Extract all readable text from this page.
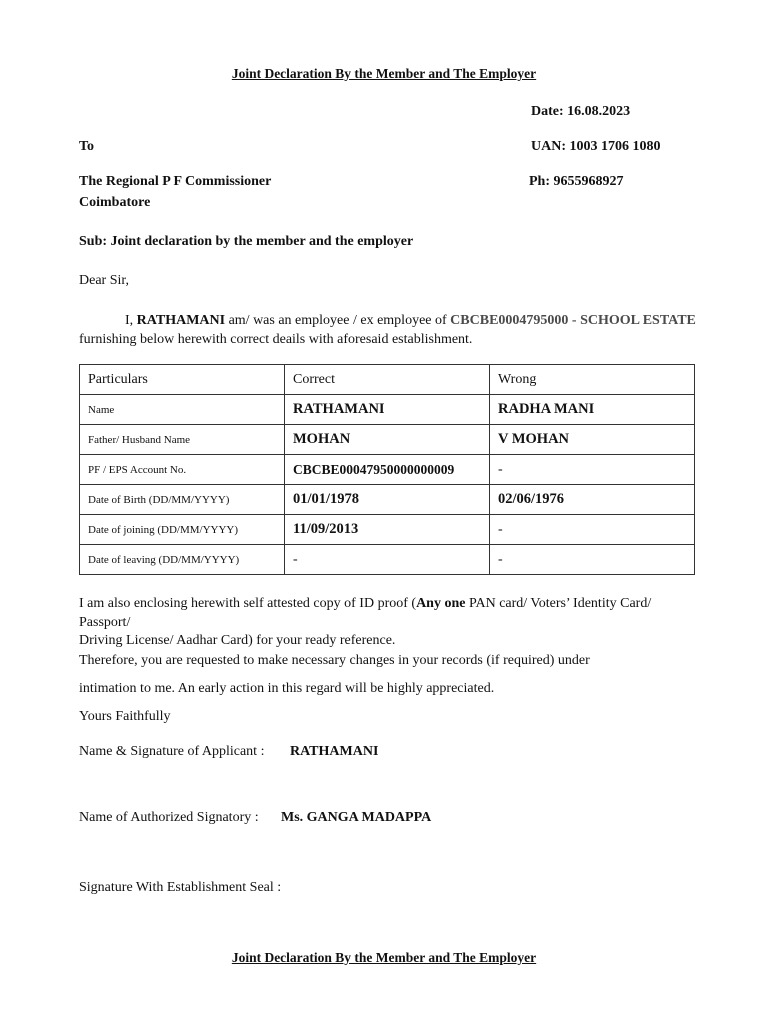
Joint Declaration By the Member and The Employer
Date: 16.08.2023
To	UAN: 1003 1706 1080
The Regional P F Commissioner	Ph: 9655968927
Coimbatore
Sub: Joint declaration by the member and the employer
Dear Sir,
I, RATHAMANI am/ was an employee / ex employee of CBCBE0004795000 - SCHOOL ESTATE furnishing below herewith correct deails with aforesaid establishment.
Particulars	Correct	Wrong
Name	RATHAMANI	RADHA MANI
Father/ Husband Name	MOHAN	V MOHAN
PF / EPS Account No.	CBCBE00047950000000009	-
Date of Birth (DD/MM/YYYY)	01/01/1978	02/06/1976
Date of joining (DD/MM/YYYY)	11/09/2013	-
Date of leaving (DD/MM/YYYY)	-	-
I am also enclosing herewith self attested copy of ID proof (Any one PAN card/ Voters’ Identity Card/ Passport/
Driving License/ Aadhar Card) for your ready reference.
Therefore, you are requested to make necessary changes in your records (if required) under
intimation to me. An early action in this regard will be highly appreciated.
Yours Faithfully
Name & Signature of Applicant : RATHAMANI
Name of Authorized Signatory : Ms. GANGA MADAPPA
Signature With Establishment Seal :
Joint Declaration By the Member and The Employer
